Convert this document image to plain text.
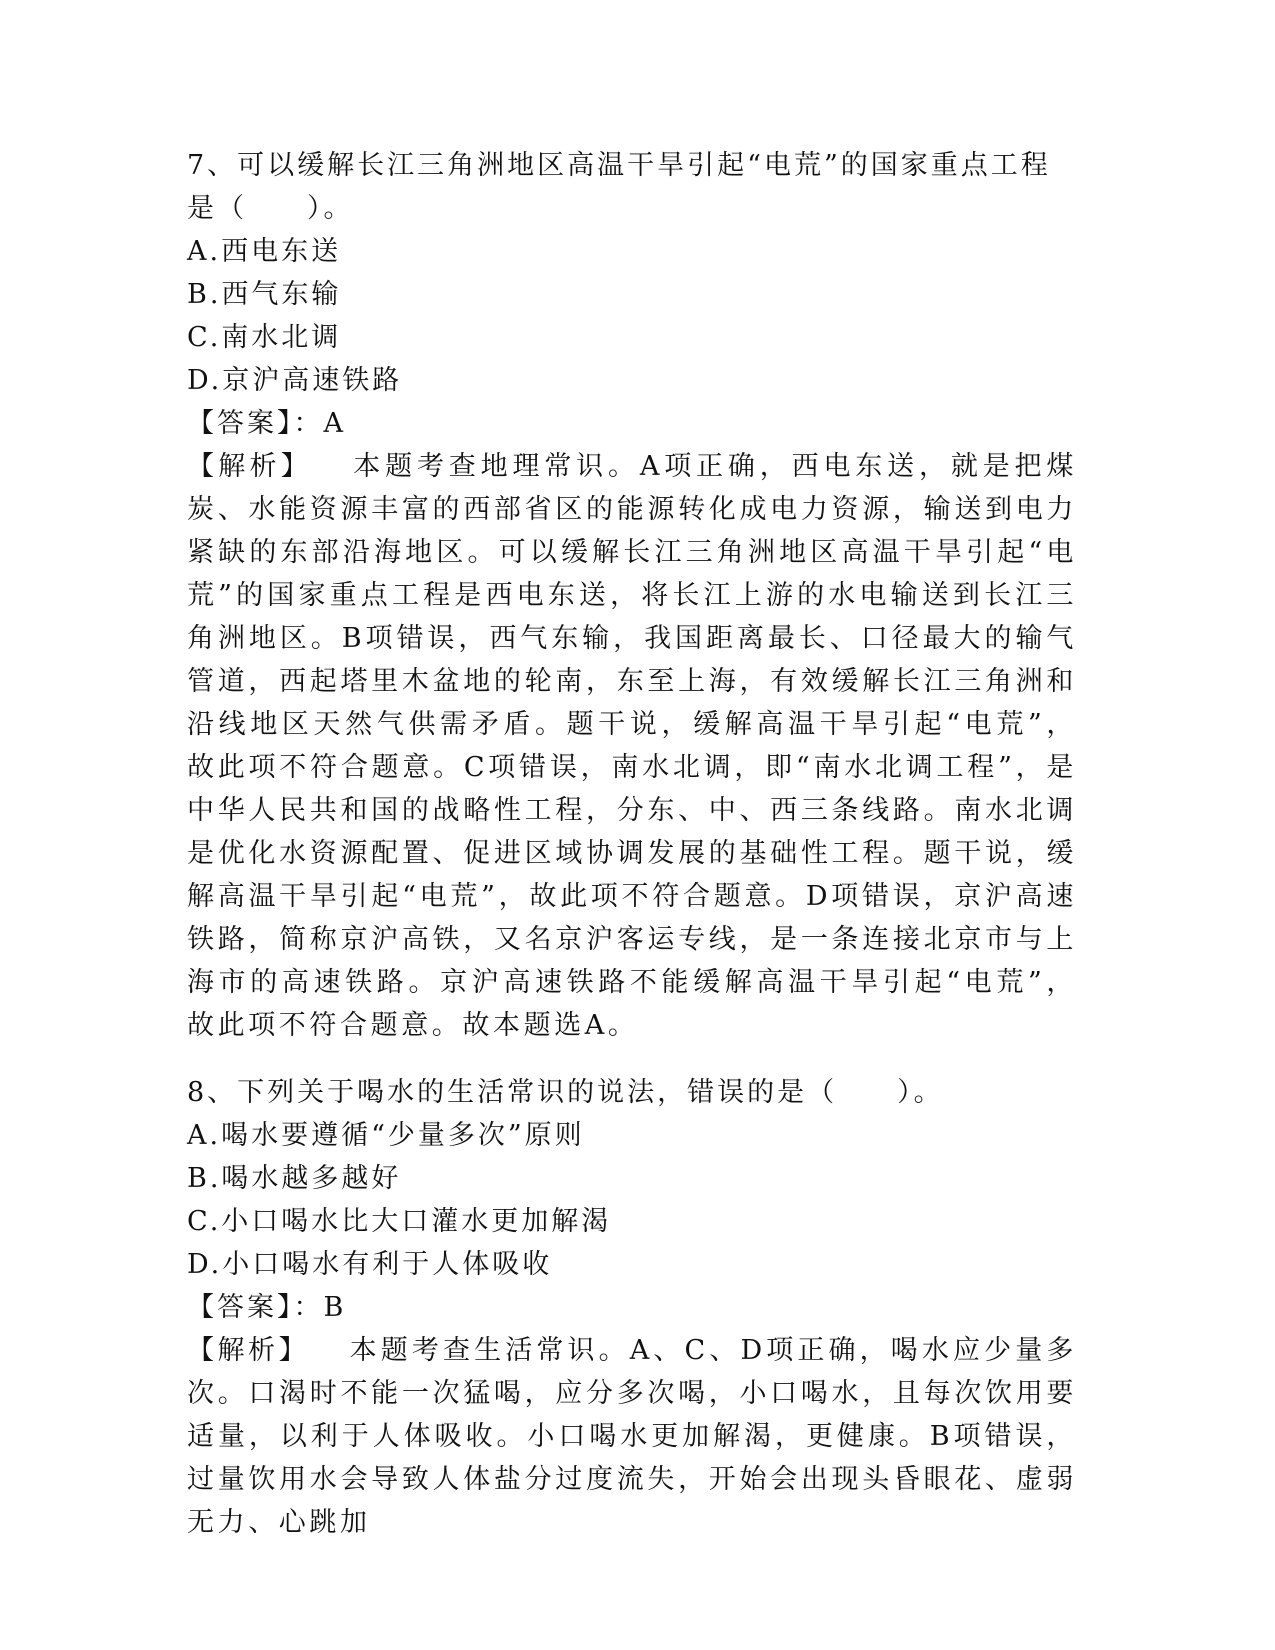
7、可以缓解长江三角洲地区高温干旱引起“电荒”的国家重点工程是（　　）。
A.西电东送
B.西气东输
C.南水北调
D.京沪高速铁路
【答案】：A
【解析】 本题考查地理常识。A项正确，西电东送，就是把煤炭、水能资源丰富的西部省区的能源转化成电力资源，输送到电力紧缺的东部沿海地区。可以缓解长江三角洲地区高温干旱引起“电荒”的国家重点工程是西电东送，将长江上游的水电输送到长江三角洲地区。B项错误，西气东输，我国距离最长、口径最大的输气管道，西起塔里木盆地的轮南，东至上海，有效缓解长江三角洲和沿线地区天然气供需矛盾。题干说，缓解高温干旱引起“电荒”，故此项不符合题意。C项错误，南水北调，即“南水北调工程”，是中华人民共和国的战略性工程，分东、中、西三条线路。南水北调是优化水资源配置、促进区域协调发展的基础性工程。题干说，缓解高温干旱引起“电荒”，故此项不符合题意。D项错误，京沪高速铁路，简称京沪高铁，又名京沪客运专线，是一条连接北京市与上海市的高速铁路。京沪高速铁路不能缓解高温干旱引起“电荒”，故此项不符合题意。故本题选A。
8、下列关于喝水的生活常识的说法，错误的是（　　）。
A.喝水要遵循“少量多次”原则
B.喝水越多越好
C.小口喝水比大口灌水更加解渴
D.小口喝水有利于人体吸收
【答案】：B
【解析】 本题考查生活常识。A、C、D项正确，喝水应少量多次。口渴时不能一次猛喝，应分多次喝，小口喝水，且每次饮用要适量，以利于人体吸收。小口喝水更加解渴，更健康。B项错误，过量饮用水会导致人体盐分过度流失，开始会出现头昏眼花、虚弱无力、心跳加
